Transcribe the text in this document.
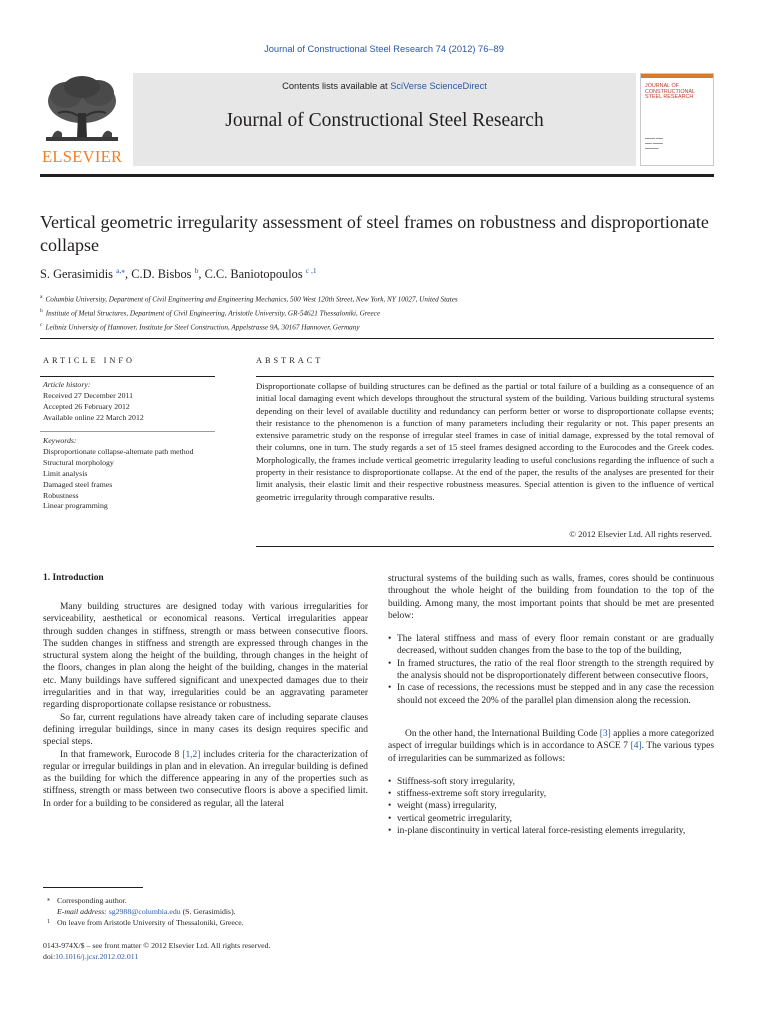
Journal of Constructional Steel Research 74 (2012) 76–89
ELSEVIER
Contents lists available at SciVerse ScienceDirect
Journal of Constructional Steel Research
JOURNAL OF
CONSTRUCTIONAL
STEEL RESEARCH
▬▬▬ ▬▬
▬▬ ▬▬▬
▬▬▬▬
Vertical geometric irregularity assessment of steel frames on robustness and disproportionate collapse
S. Gerasimidis $^{a,⁎}$, C.D. Bisbos $^b$, C.C. Baniotopoulos $^{c ,1}$
$^a$ Columbia University, Department of Civil Engineering and Engineering Mechanics, 500 West 120th Street, New York, NY 10027, United States
$^b$ Institute of Metal Structures, Department of Civil Engineering, Aristotle University, GR-54621 Thessaloniki, Greece
$^c$ Leibniz University of Hannover, Institute for Steel Construction, Appelstrasse 9A, 30167 Hannover, Germany
ARTICLE INFO
Article history:
Received 27 December 2011
Accepted 26 February 2012
Available online 22 March 2012
Keywords:
Disproportionate collapse-alternate path method
Structural morphology
Limit analysis
Damaged steel frames
Robustness
Linear programming
ABSTRACT
Disproportionate collapse of building structures can be defined as the partial or total failure of a building as a consequence of an initial local damaging event which develops throughout the structural system of the building. Various building structural systems depending on their level of available ductility and redundancy can perform better or worse to disproportionate collapse events; their resistance to the phenomenon is a function of many parameters including their regularity or not. This paper presents an extensive parametric study on the response of irregular steel frames in case of initial damage, expressed by the total removal of their columns, one in turn. The study regards a set of 15 steel frames designed according to the Eurocodes and the Greek codes. Morphologically, the frames include vertical geometric irregularity leading to useful conclusions regarding the influence of such a property in their resistance to disproportionate collapse. At the end of the paper, the results of the analyses are presented for their limit analysis, their elastic limit and their respective robustness measures. Special attention is given to the influence of vertical geometric irregularity through comparative results.
© 2012 Elsevier Ltd. All rights reserved.
1. Introduction

Many building structures are designed today with various irregularities for serviceability, aesthetical or economical reasons. Vertical irregularities appear through sudden changes in stiffness, strength or mass between consecutive floors. The sudden changes in stiffness and strength are expressed through changes in the structural system along the height of the building, through changes in the height of the floors, changes in plan along the height of the building, changes in the material etc. Many buildings have suffered significant and unexpected damages due to their irregularities and in that way, irregularities could be an aggravating parameter regarding disproportionate collapse resistance or robustness.

So far, current regulations have already taken care of including separate clauses defining irregular buildings, since in many cases its design requires specific and special steps.

In that framework, Eurocode 8 [1,2] includes criteria for the characterization of regular or irregular buildings in plan and in elevation. An irregular building is defined as the building for which the difference appearing in any of the properties such as stiffness, strength or mass between two consecutive floors is above a specified limit. In order for a building to be considered as regular, all the lateral

structural systems of the building such as walls, frames, cores should be continuous throughout the whole height of the building from foundation to the top of the building. Among many, the most important points that should be met are presented below:

• The lateral stiffness and mass of every floor remain constant or are gradually decreased, without sudden changes from the base to the top of the building,
• In framed structures, the ratio of the real floor strength to the strength required by the analysis should not be disproportionately different between consecutive floors,
• In case of recessions, the recessions must be stepped and in any case the recession should not exceed the 20% of the parallel plan dimension along the recession.

On the other hand, the International Building Code [3] applies a more categorized aspect of irregular buildings which is in accordance to ASCE 7 [4]. The various types of irregularities can be summarized as follows:

• Stiffness-soft story irregularity,
• stiffness-extreme soft story irregularity,
• weight (mass) irregularity,
• vertical geometric irregularity,
• in-plane discontinuity in vertical lateral force-resisting elements irregularity,
⁎ Corresponding author.
E-mail address: sg2988@columbia.edu (S. Gerasimidis).
1 On leave from Aristotle University of Thessaloniki, Greece.
0143-974X/$ – see front matter © 2012 Elsevier Ltd. All rights reserved.
doi:10.1016/j.jcsr.2012.02.011
